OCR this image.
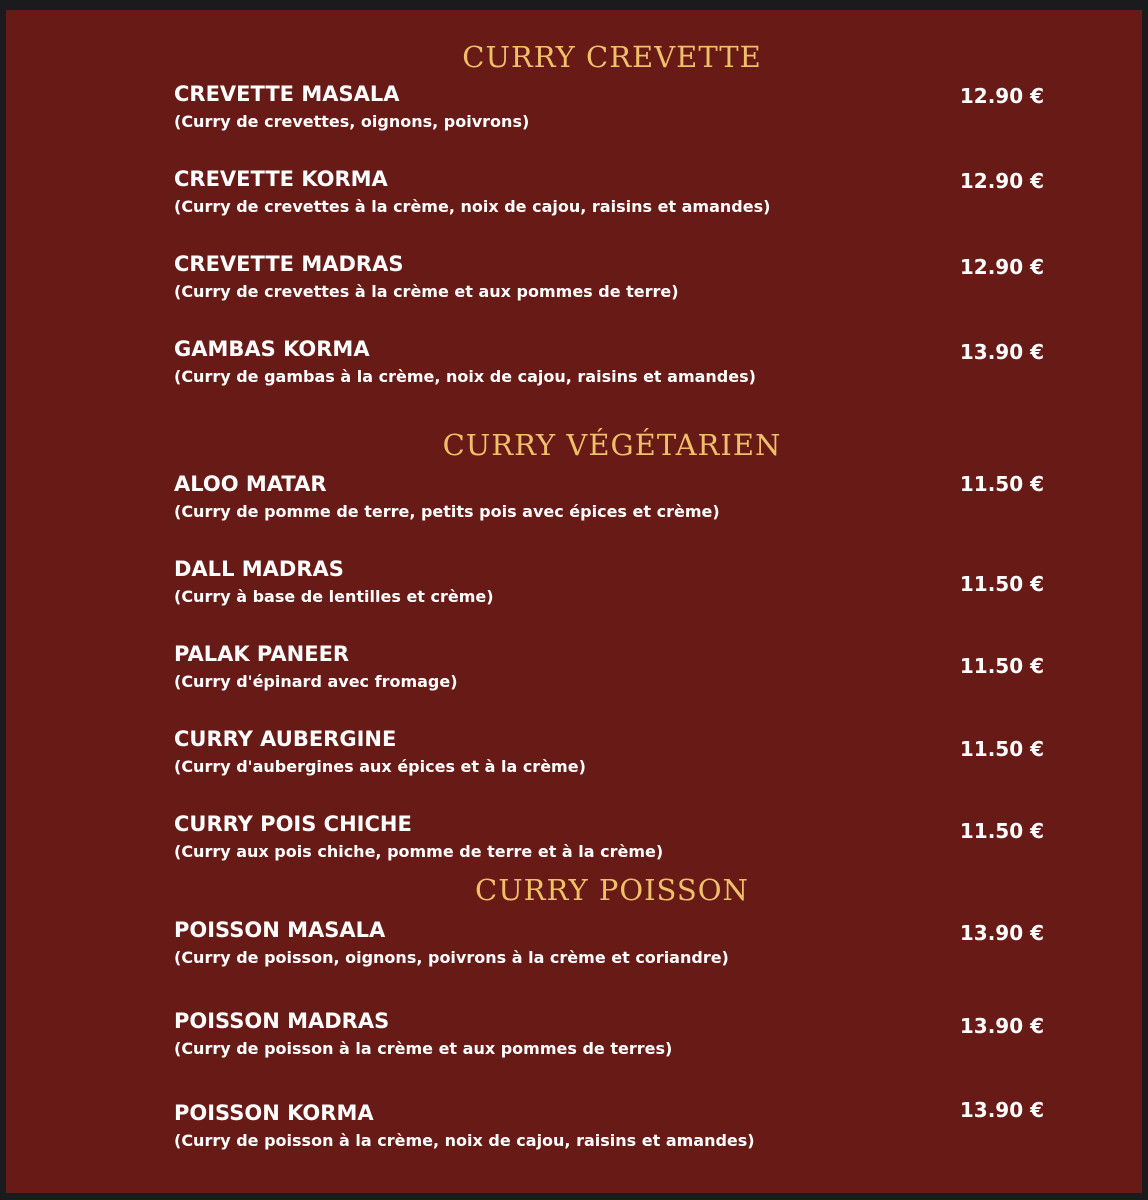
CURRY CREVETTE
CREVETTE MASALA
(Curry de crevettes, oignons, poivrons)
12.90 €
CREVETTE KORMA
(Curry de crevettes à la crème, noix de cajou, raisins et amandes)
12.90 €
CREVETTE MADRAS
(Curry de crevettes à la crème et aux pommes de terre)
12.90 €
GAMBAS KORMA
(Curry de gambas à la crème, noix de cajou, raisins et amandes)
13.90 €
CURRY VÉGÉTARIEN
ALOO MATAR
(Curry de pomme de terre, petits pois avec épices et crème)
11.50 €
DALL MADRAS
(Curry à base de lentilles et crème)
11.50 €
PALAK PANEER
(Curry d'épinard avec fromage)
11.50 €
CURRY AUBERGINE
(Curry d'aubergines aux épices et à la crème)
11.50 €
CURRY POIS CHICHE
(Curry aux pois chiche, pomme de terre et à la crème)
11.50 €
CURRY POISSON
POISSON MASALA
(Curry de poisson, oignons, poivrons à la crème et coriandre)
13.90 €
POISSON MADRAS
(Curry de poisson à la crème et aux pommes de terres)
13.90 €
POISSON KORMA
(Curry de poisson à la crème, noix de cajou, raisins et amandes)
13.90 €
